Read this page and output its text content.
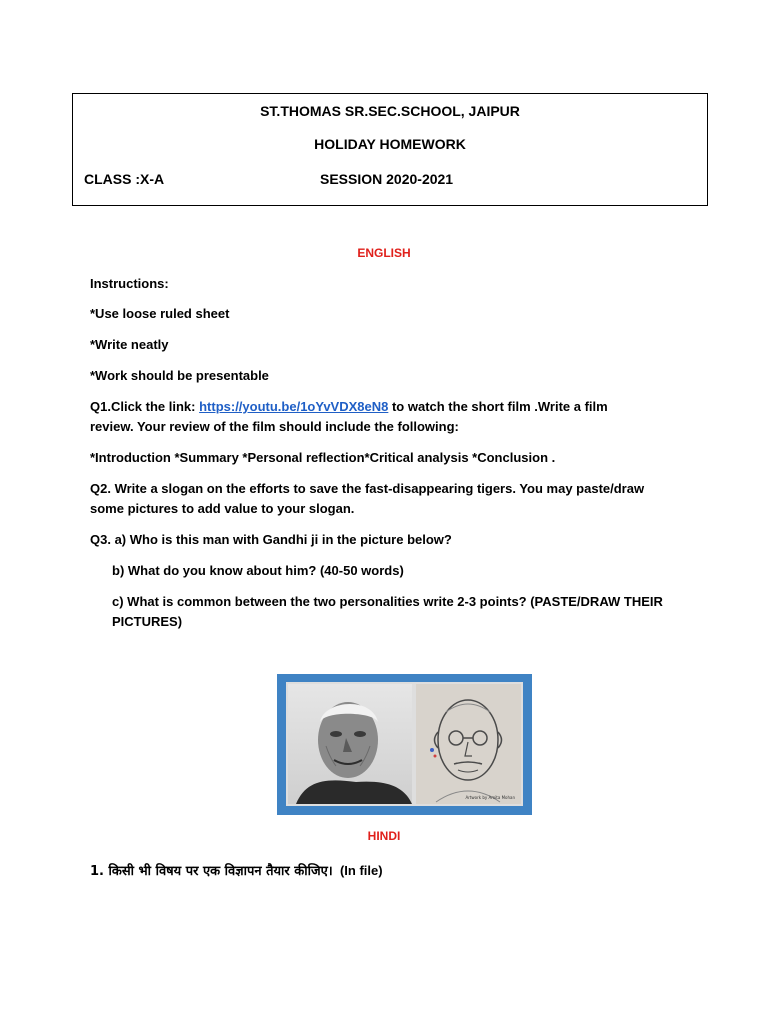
ST.THOMAS SR.SEC.SCHOOL, JAIPUR
HOLIDAY HOMEWORK
CLASS :X-A	SESSION 2020-2021
ENGLISH
Instructions:
*Use loose ruled sheet
*Write neatly
*Work should be presentable
Q1.Click the link: https://youtu.be/1oYvVDX8eN8 to watch the short film .Write a film
review. Your review of the film should include the following:
*Introduction *Summary *Personal reflection*Critical analysis *Conclusion .
Q2. Write a slogan on the efforts to save the fast-disappearing tigers. You may paste/draw
some pictures to add value to your slogan.
Q3. a) Who is this man with Gandhi ji in the picture below?
b) What do you know about him? (40-50 words)
c) What is common between the two personalities write 2-3 points? (PASTE/DRAW THEIR
PICTURES)
Artwork by Amita Mohan
HINDI
1. किसी भी विषय पर एक विज्ञापन तैयार कीजिए। (In file)
